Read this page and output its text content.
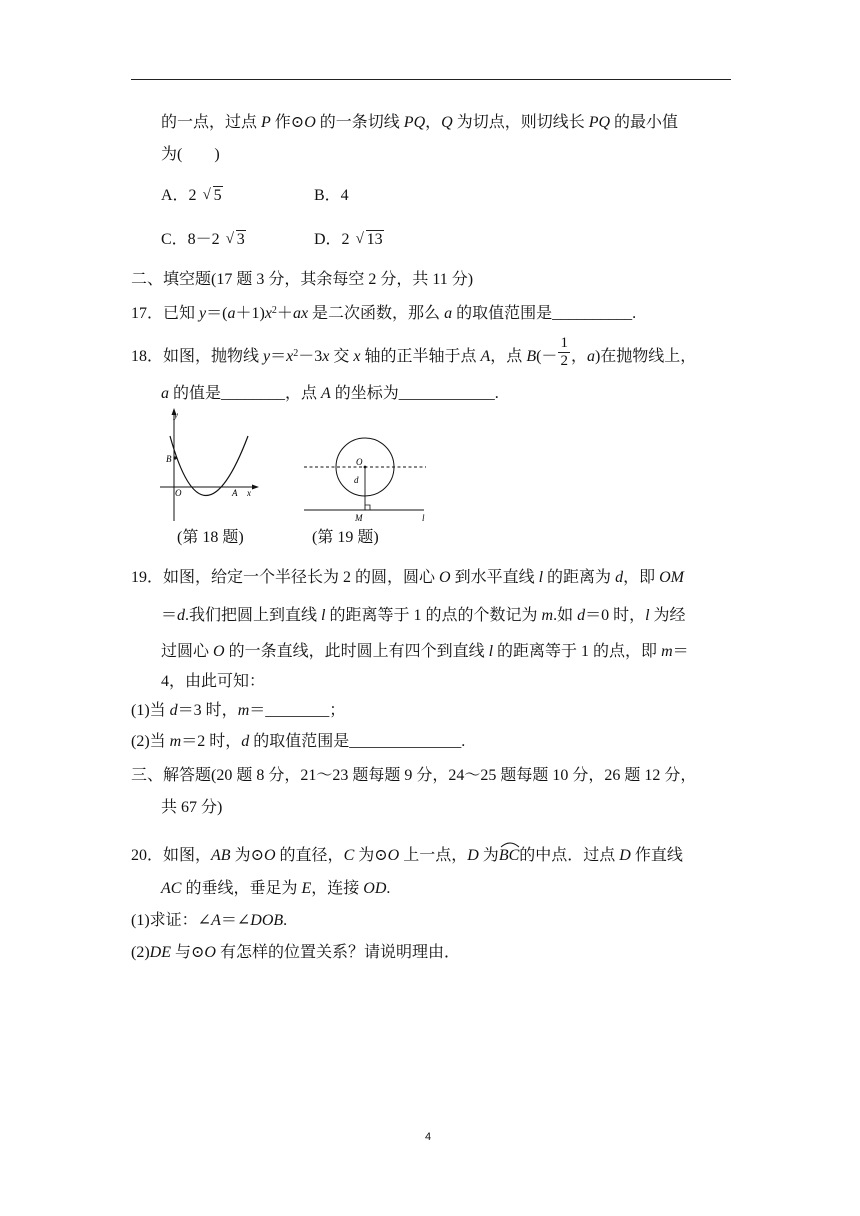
的一点，过点 P 作⊙O 的一条切线 PQ，Q 为切点，则切线长 PQ 的最小值
为(　　)
A．2 √ 5	B．4
C．8－2 √ 3	D．2 √ 13
二、填空题(17 题 3 分，其余每空 2 分，共 11 分)
17．已知 $y=(a+1)x^2+ax$ 是二次函数，那么 a 的取值范围是__________.
18．如图，抛物线 $y=x^2-3x$ 交 x 轴的正半轴于点 A，点 $B(- \frac{1}{2}$ ，a)在抛物线上，
a 的值是________，点 A 的坐标为____________.
y
x
B
O	A
(第 18 题)
O
d
M	l
(第 19 题)
19．如图，给定一个半径长为 2 的圆，圆心 O 到水平直线 l 的距离为 d，即 OM
＝d.我们把圆上到直线 l 的距离等于 1 的点的个数记为 m.如 d＝0 时，l 为经
过圆心 O 的一条直线，此时圆上有四个到直线 l 的距离等于 1 的点，即 m＝
4，由此可知：
(1)当 d＝3 时，m＝________；
(2)当 m＝2 时，d 的取值范围是______________.
三、解答题(20 题 8 分，21～23 题每题 9 分，24～25 题每题 10 分，26 题 12 分，
共 67 分)
20．如图，AB 为⊙O 的直径，C 为⊙O 上一点，D 为
BC的中点．过点 D 作直线
AC 的垂线，垂足为 E，连接 OD.
(1)求证：∠A＝∠DOB.
(2)DE 与⊙O 有怎样的位置关系？请说明理由．
4
